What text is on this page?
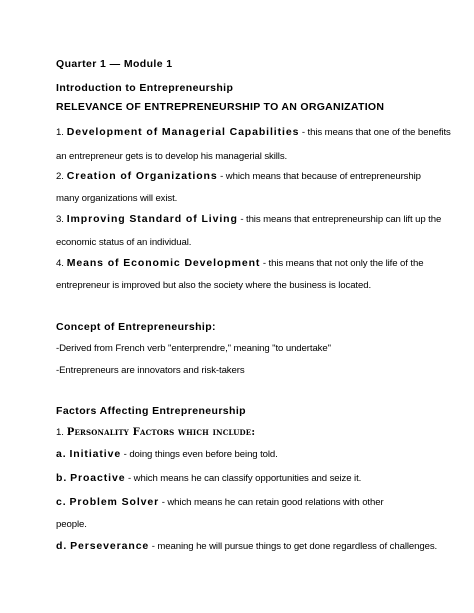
Quarter 1 — Module 1
Introduction to Entrepreneurship
RELEVANCE OF ENTREPRENEURSHIP TO AN ORGANIZATION
1. Development of Managerial Capabilities - this means that one of the benefits
an entrepreneur gets is to develop his managerial skills.
2. Creation of Organizations - which means that because of entrepreneurship
many organizations will exist.
3. Improving Standard of Living - this means that entrepreneurship can lift up the
economic status of an individual.
4. Means of Economic Development - this means that not only the life of the
entrepreneur is improved but also the society where the business is located.
Concept of Entrepreneurship:
-Derived from French verb "enterprendre," meaning "to undertake"
-Entrepreneurs are innovators and risk-takers
Factors Affecting Entrepreneurship
1. Personality Factors which include:
a. Initiative - doing things even before being told.
b. Proactive - which means he can classify opportunities and seize it.
c. Problem Solver - which means he can retain good relations with other
people.
d. Perseverance - meaning he will pursue things to get done regardless of challenges.
